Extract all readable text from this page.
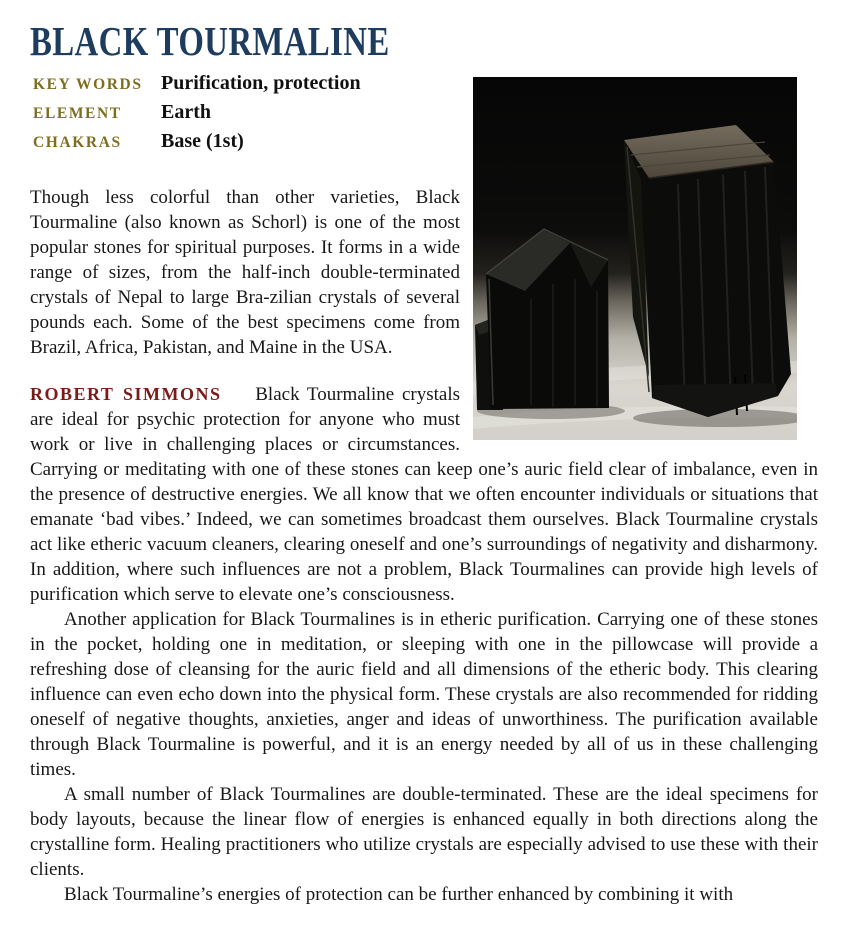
BLACK TOURMALINE
KEY WORDS Purification, protection
ELEMENT	Earth
CHAKRAS	Base (1st)

Though less colorful than other varieties, Black Tourmaline (also known as Schorl) is one of the most popular stones for spiritual purposes. It forms in a wide range of sizes, from the half-inch double-terminated crystals of Nepal to large Bra-zilian crystals of several pounds each. Some of the best specimens come from Brazil, Africa, Pakistan, and Maine in the USA.

ROBERT SIMMONS Black Tourmaline crystals are ideal for psychic protection for anyone who must work or live in challenging places or circumstances. Carrying or meditating with one of these stones can keep one’s auric field clear of imbalance, even in the presence of destructive energies. We all know that we often encounter individuals or situations that emanate ‘bad vibes.’ Indeed, we can sometimes broadcast them ourselves. Black Tourmaline crystals act like etheric vacuum cleaners, clearing oneself and one’s surroundings of negativity and disharmony. In addition, where such influences are not a problem, Black Tourmalines can provide high levels of purification which serve to elevate one’s consciousness.

Another application for Black Tourmalines is in etheric purification. Carrying one of these stones in the pocket, holding one in meditation, or sleeping with one in the pillowcase will provide a refreshing dose of cleansing for the auric field and all dimensions of the etheric body. This clearing influence can even echo down into the physical form. These crystals are also recommended for ridding oneself of negative thoughts, anxieties, anger and ideas of unworthiness. The purification available through Black Tourmaline is powerful, and it is an energy needed by all of us in these challenging times.

A small number of Black Tourmalines are double-terminated. These are the ideal specimens for body layouts, because the linear flow of energies is enhanced equally in both directions along the crystalline form. Healing practitioners who utilize crystals are especially advised to use these with their clients.

Black Tourmaline’s energies of protection can be further enhanced by combining it with
